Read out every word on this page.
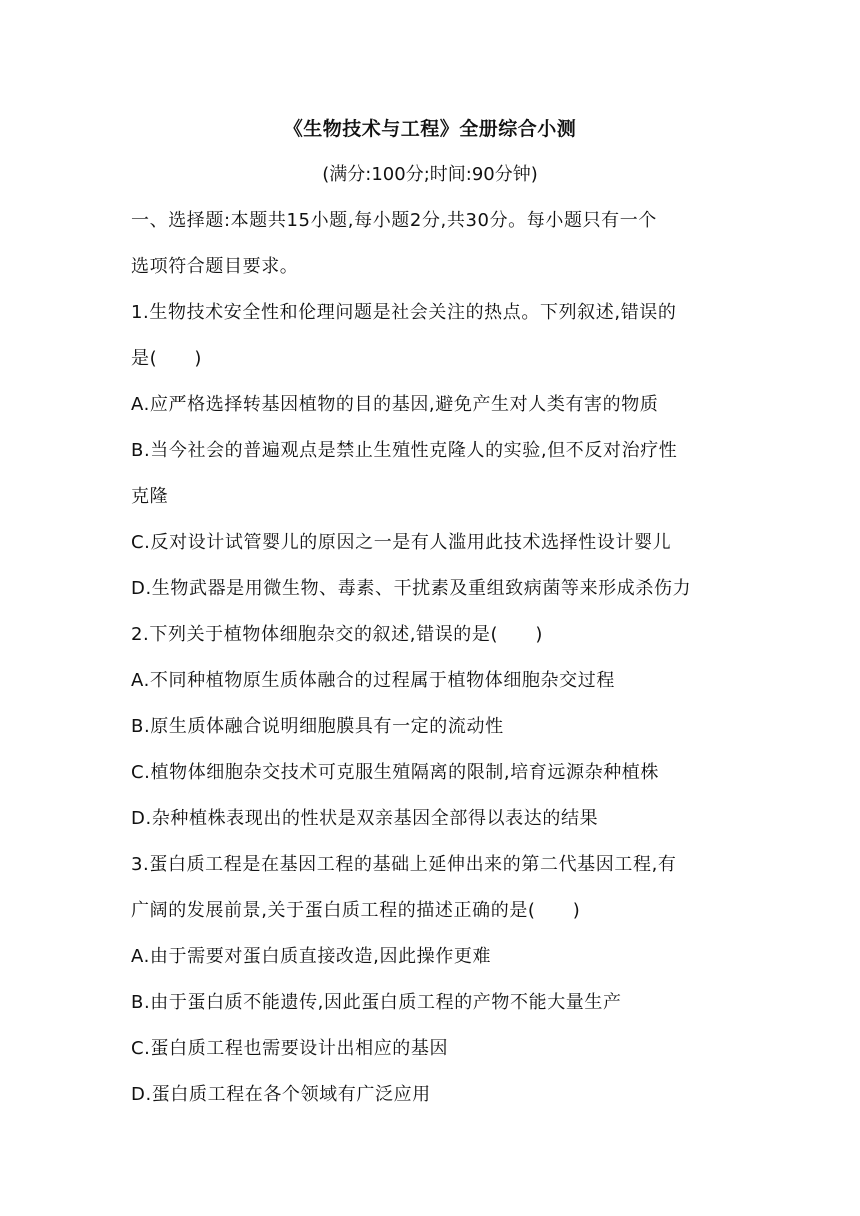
《生物技术与工程》全册综合小测
(满分:100分;时间:90分钟)
一、选择题:本题共15小题,每小题2分,共30分。每小题只有一个
选项符合题目要求。
1.生物技术安全性和伦理问题是社会关注的热点。下列叙述,错误的
是(　　)
A.应严格选择转基因植物的目的基因,避免产生对人类有害的物质
B.当今社会的普遍观点是禁止生殖性克隆人的实验,但不反对治疗性
克隆
C.反对设计试管婴儿的原因之一是有人滥用此技术选择性设计婴儿
D.生物武器是用微生物、毒素、干扰素及重组致病菌等来形成杀伤力
2.下列关于植物体细胞杂交的叙述,错误的是(　　)
A.不同种植物原生质体融合的过程属于植物体细胞杂交过程
B.原生质体融合说明细胞膜具有一定的流动性
C.植物体细胞杂交技术可克服生殖隔离的限制,培育远源杂种植株
D.杂种植株表现出的性状是双亲基因全部得以表达的结果
3.蛋白质工程是在基因工程的基础上延伸出来的第二代基因工程,有
广阔的发展前景,关于蛋白质工程的描述正确的是(　　)
A.由于需要对蛋白质直接改造,因此操作更难
B.由于蛋白质不能遗传,因此蛋白质工程的产物不能大量生产
C.蛋白质工程也需要设计出相应的基因
D.蛋白质工程在各个领域有广泛应用
